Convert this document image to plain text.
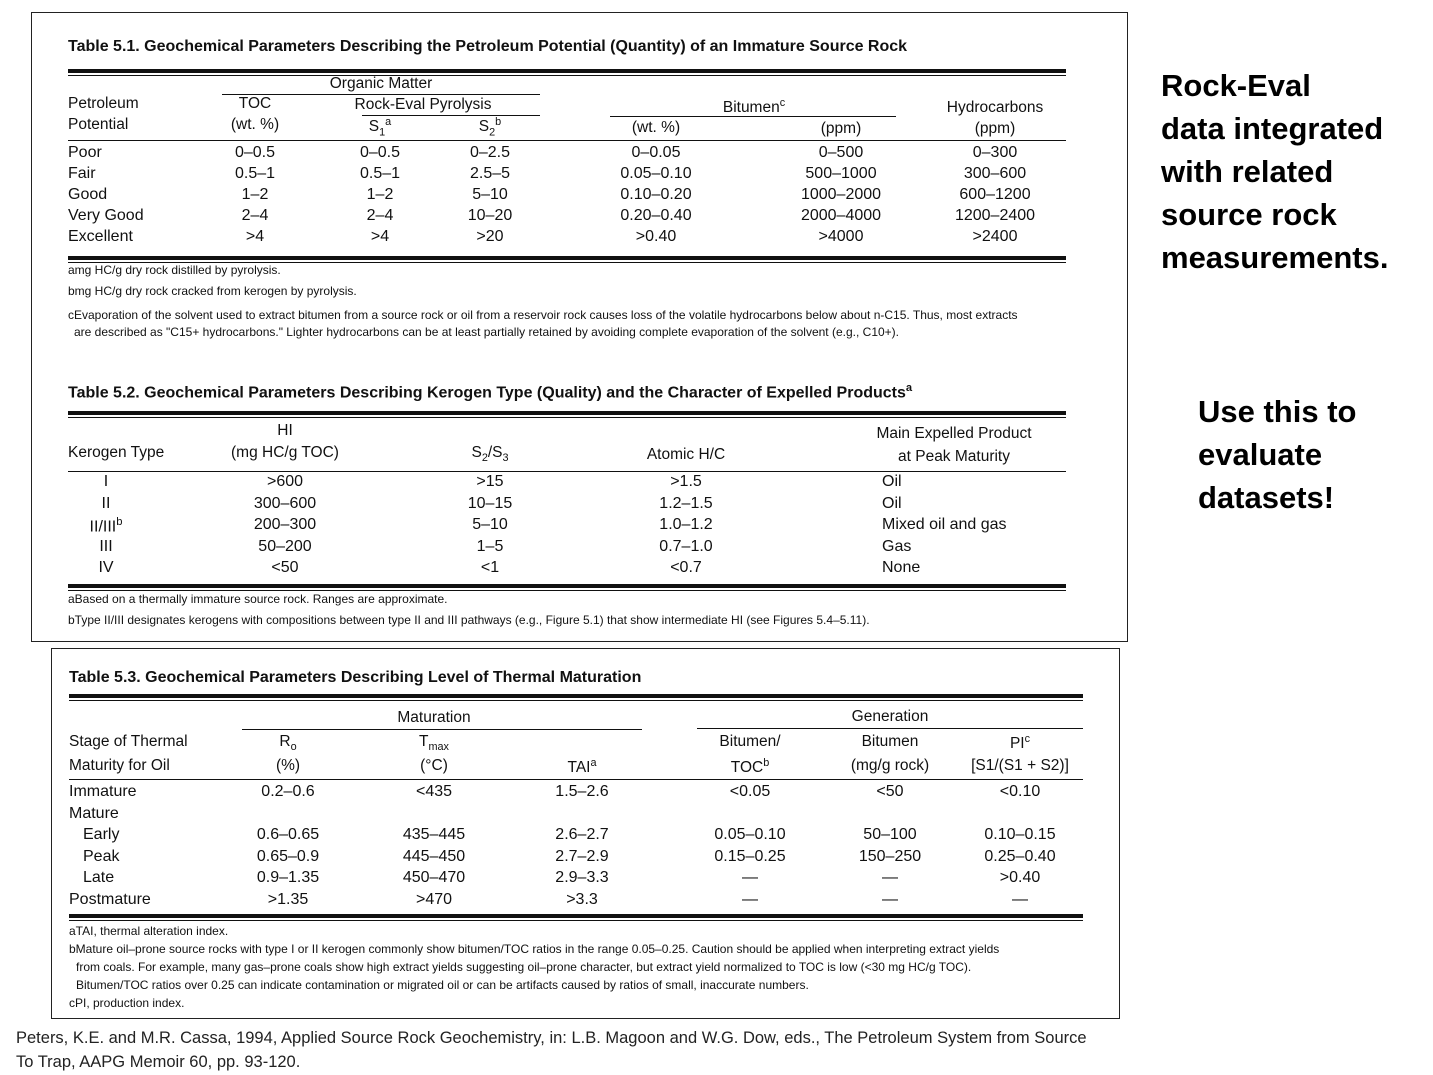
Table 5.1. Geochemical Parameters Describing the Petroleum Potential (Quantity) of an Immature Source Rock
Organic Matter
Rock-Eval Pyrolysis	Bitumen$^c$
Petroleum
Potential
TOC
(wt. %)	$S_1^a$	$S_2^b$	(wt. %)	(ppm)
Hydrocarbons
(ppm)
Poor	0–0.5	0–0.5	0–2.5	0–0.05	0–500	0–300
Fair	0.5–1	0.5–1	2.5–5	0.05–0.10	500–1000	300–600
Good	1–2	1–2	5–10	0.10–0.20	1000–2000	600–1200
Very Good	2–4	2–4	10–20	0.20–0.40	2000–4000	1200–2400
Excellent	>4	>4	>20	>0.40	>4000	>2400
amg HC/g dry rock distilled by pyrolysis.
bmg HC/g dry rock cracked from kerogen by pyrolysis.
cEvaporation of the solvent used to extract bitumen from a source rock or oil from a reservoir rock causes loss of the volatile hydrocarbons below about n-C15. Thus, most extracts
are described as "C15+ hydrocarbons." Lighter hydrocarbons can be at least partially retained by avoiding complete evaporation of the solvent (e.g., C10+).
Table 5.2. Geochemical Parameters Describing Kerogen Type (Quality) and the Character of Expelled Products$^a$
Kerogen Type
HI
(mg HC/g TOC)	$S_2/S_3$	Atomic H/C
Main Expelled Product
at Peak Maturity
I	>600	>15	>1.5	Oil
II	300–600	10–15	1.2–1.5	Oil
II/III$^b$	200–300	5–10	1.0–1.2	Mixed oil and gas
III	50–200	1–5	0.7–1.0	Gas
IV	<50	<1	<0.7	None
aBased on a thermally immature source rock. Ranges are approximate.
bType II/III designates kerogens with compositions between type II and III pathways (e.g., Figure 5.1) that show intermediate HI (see Figures 5.4–5.11).
Table 5.3. Geochemical Parameters Describing Level of Thermal Maturation
Maturation	Generation
Stage of Thermal
Maturity for Oil
$R_o$
(%)
$T_{max}$
(°C)	TAI$^a$
Bitumen/
TOC$^b$
Bitumen
(mg/g rock)
$PI^c$
[S1/(S1 + S2)]
Immature	0.2–0.6	<435	1.5–2.6	<0.05	<50	<0.10
Mature
Early	0.6–0.65	435–445	2.6–2.7	0.05–0.10	50–100	0.10–0.15
Peak	0.65–0.9	445–450	2.7–2.9	0.15–0.25	150–250	0.25–0.40
Late	0.9–1.35	450–470	2.9–3.3	—	—	>0.40
Postmature	>1.35	>470	>3.3	—	—	—
aTAI, thermal alteration index.
bMature oil–prone source rocks with type I or II kerogen commonly show bitumen/TOC ratios in the range 0.05–0.25. Caution should be applied when interpreting extract yields
from coals. For example, many gas–prone coals show high extract yields suggesting oil–prone character, but extract yield normalized to TOC is low (<30 mg HC/g TOC).
Bitumen/TOC ratios over 0.25 can indicate contamination or migrated oil or can be artifacts caused by ratios of small, inaccurate numbers.
cPI, production index.
Rock-Eval
data integrated
with related
source rock
measurements.
Use this to
evaluate
datasets!
Peters, K.E. and M.R. Cassa, 1994, Applied Source Rock Geochemistry, in: L.B. Magoon and W.G. Dow, eds., The Petroleum System from Source
To Trap, AAPG Memoir 60, pp. 93-120.
